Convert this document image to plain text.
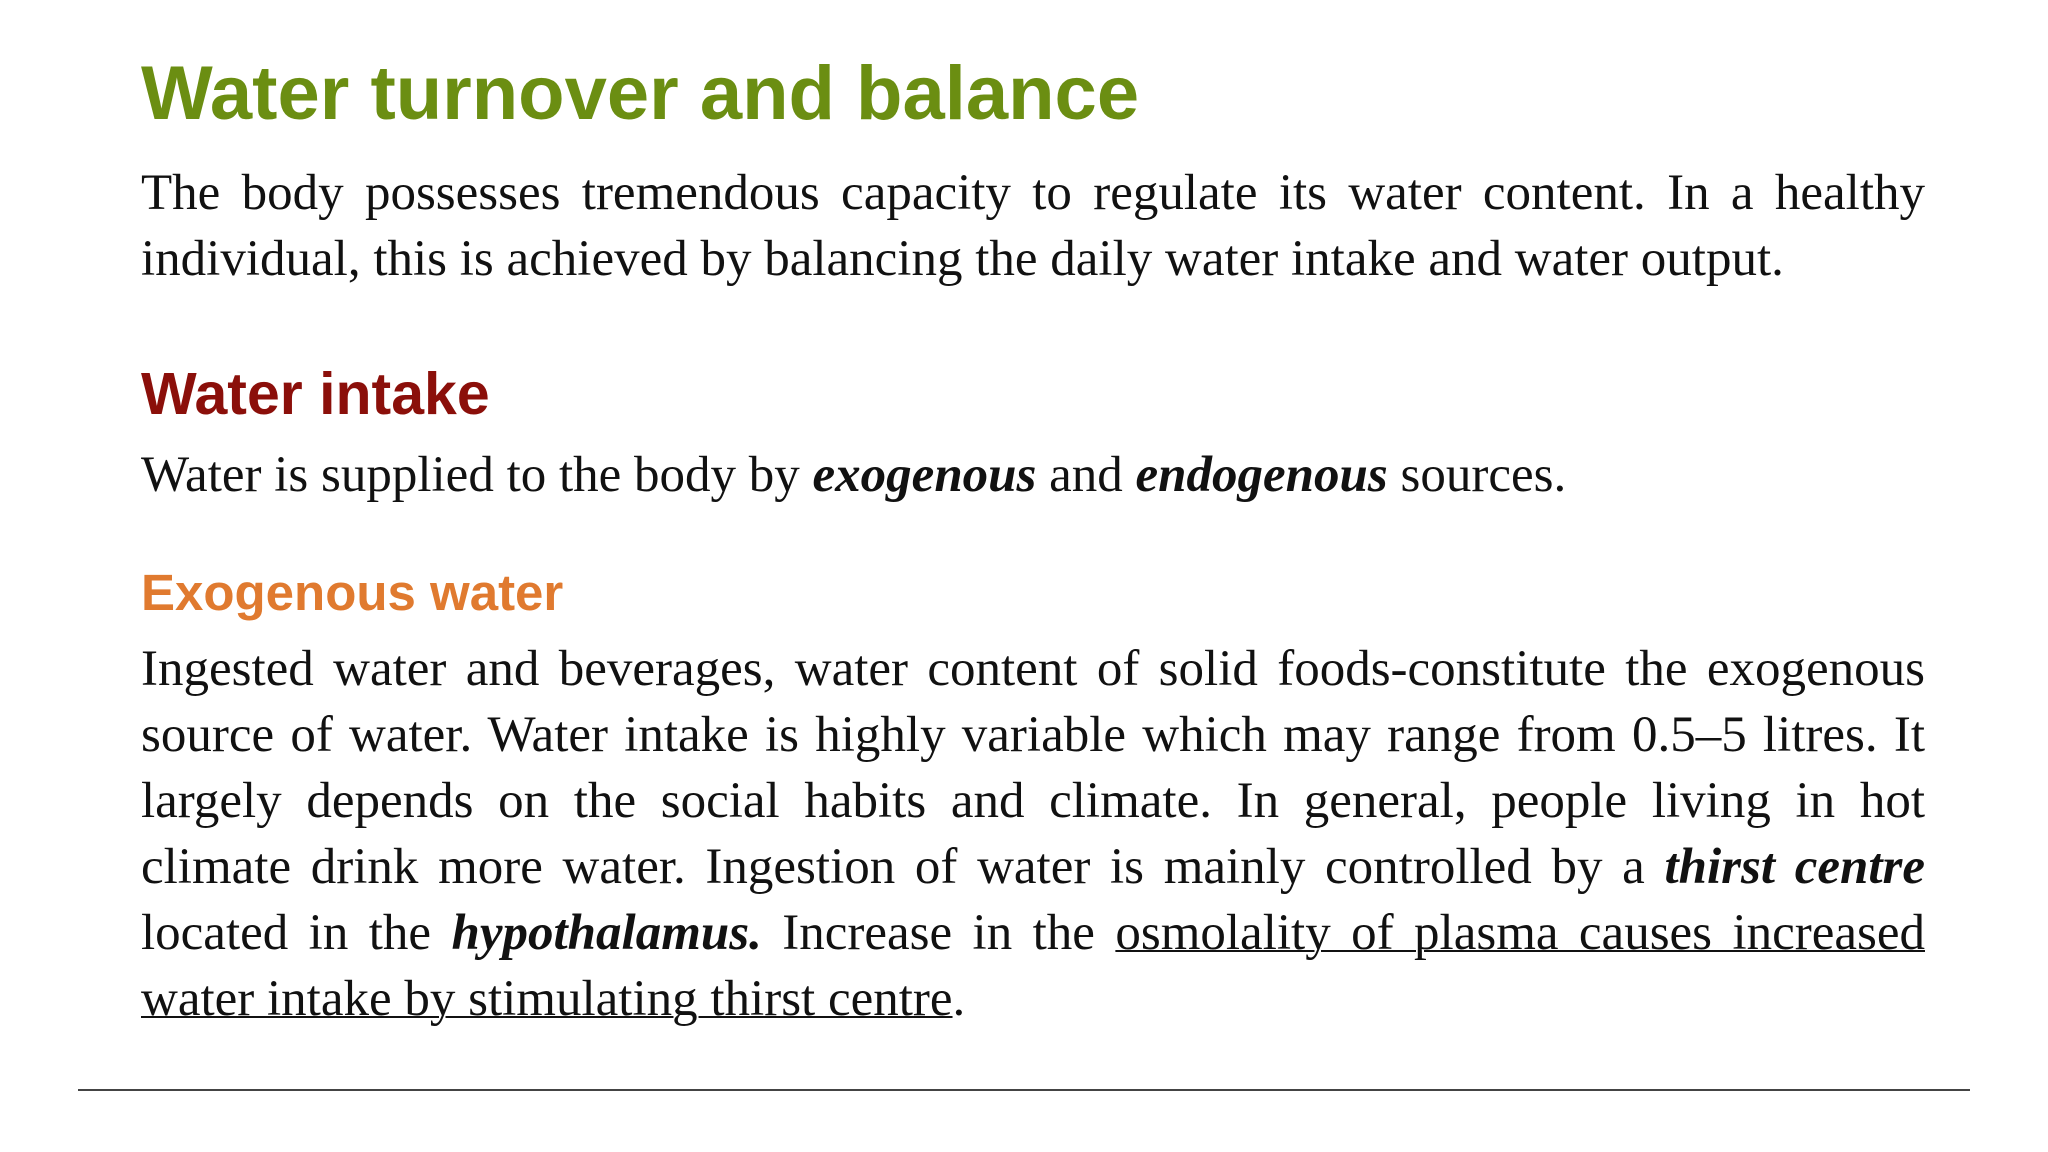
Water turnover and balance

The body possesses tremendous capacity to regulate its water content. In a healthy individual, this is achieved by balancing the daily water intake and water output.

Water intake

Water is supplied to the body by exogenous and endogenous sources.

Exogenous water

Ingested water and beverages, water content of solid foods-constitute the exogenous source of water. Water intake is highly variable which may range from 0.5–5 litres. It largely depends on the social habits and climate. In general, people living in hot climate drink more water. Ingestion of water is mainly controlled by a thirst centre located in the hypothalamus. Increase in the osmolality of plasma causes increased water intake by stimulating thirst centre.
